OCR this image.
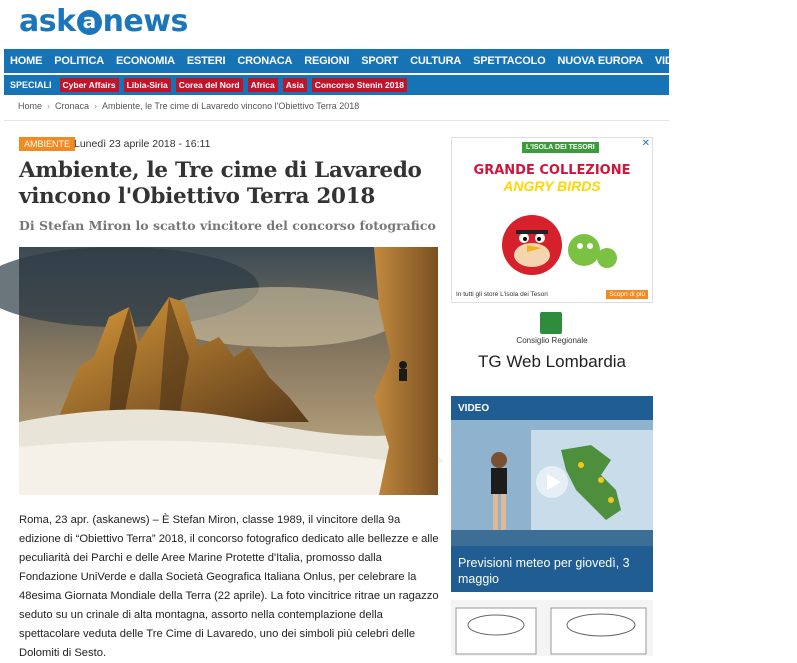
ask a news
HOME POLITICA ECONOMIA ESTERI CRONACA REGIONI SPORT CULTURA SPETTACOLO NUOVA EUROPA VIDEO ALTRE SEZIONI ⋮
SPECIALI	Cyber Affairs	Libia-Siria	Corea del Nord	Africa	Asia	Concorso Stenin 2018
Home › Cronaca › Ambiente, le Tre cime di Lavaredo vincono l'Obiettivo Terra 2018
AMBIENTE Lunedì 23 aprile 2018 - 16:11
Ambiente, le Tre cime di Lavaredo vincono l'Obiettivo Terra 2018
Di Stefan Miron lo scatto vincitore del concorso fotografico

Roma, 23 apr. (askanews) – È Stefan Miron, classe 1989, il vincitore della 9a edizione di “Obiettivo Terra” 2018, il concorso fotografico dedicato alle bellezze e alle peculiarità dei Parchi e delle Aree Marine Protette d'Italia, promosso dalla Fondazione UniVerde e dalla Società Geografica Italiana Onlus, per celebrare la 48esima Giornata Mondiale della Terra (22 aprile). La foto vincitrice ritrae un ragazzo seduto su un crinale di alta montagna, assorto nella contemplazione della spettacolare veduta delle Tre Cime di Lavaredo, uno dei simboli più celebri delle Dolomiti di Sesto.

✕
L'ISOLA DEI TESORI
GRANDE COLLEZIONE
ANGRY BIRDS
In tutti gli store L'isola dei Tesori	Scopri di più
Consiglio Regionale
TG Web Lombardia
VIDEO
Previsioni meteo per giovedì, 3 maggio
